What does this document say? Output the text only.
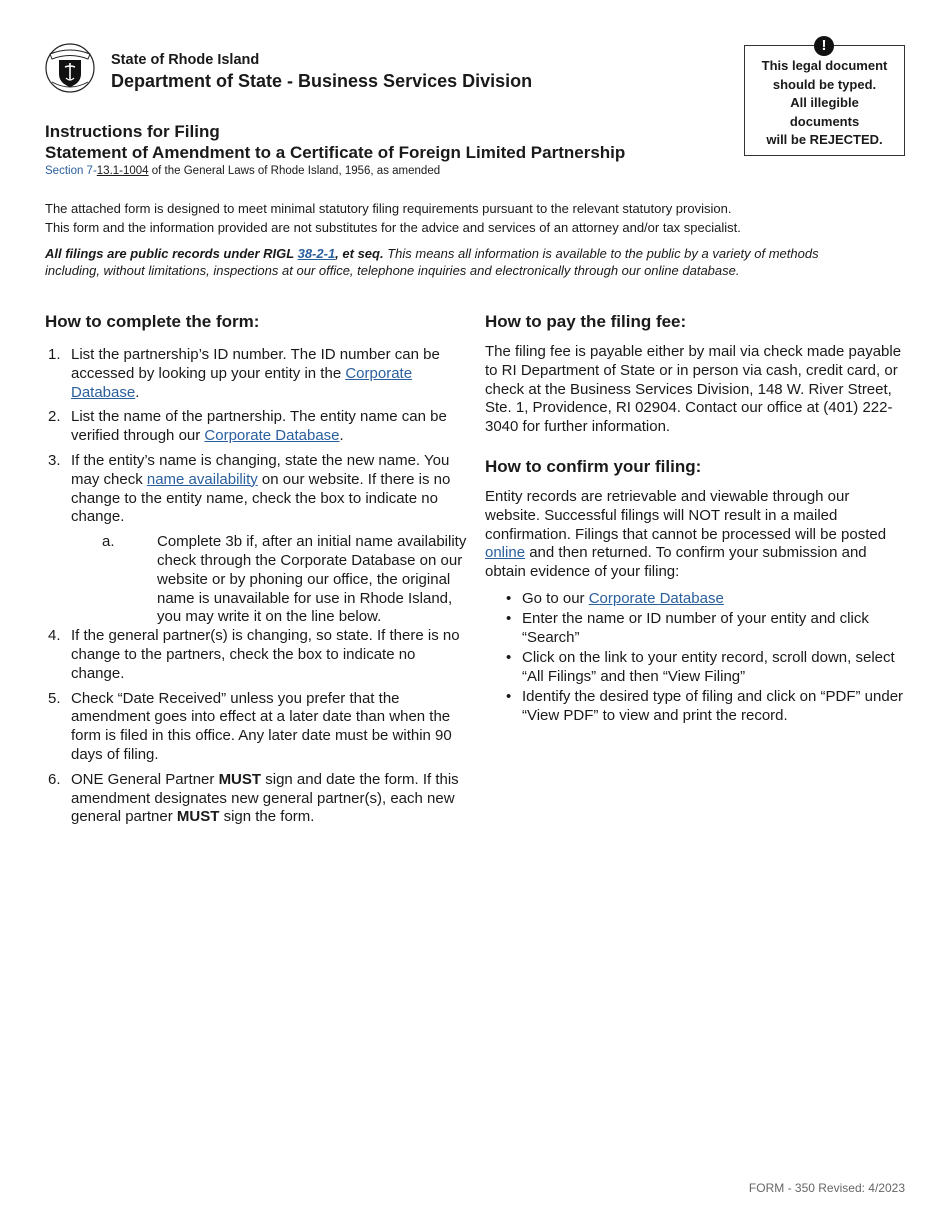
State of Rhode Island
Department of State - Business Services Division
!
This legal document
should be typed.
All illegible
documents
will be REJECTED.
Instructions for Filing
Statement of Amendment to a Certificate of Foreign Limited Partnership
Section 7-13.1-1004 of the General Laws of Rhode Island, 1956, as amended
The attached form is designed to meet minimal statutory filing requirements pursuant to the relevant statutory provision.
This form and the information provided are not substitutes for the advice and services of an attorney and/or tax specialist.
All filings are public records under RIGL 38-2-1, et seq. This means all information is available to the public by a variety of methods including, without limitations, inspections at our office, telephone inquiries and electronically through our online database.
How to complete the form:
1. List the partnership’s ID number. The ID number can be accessed by looking up your entity in the Corporate Database.
2. List the name of the partnership. The entity name can be verified through our Corporate Database.
3. If the entity’s name is changing, state the new name. You may check name availability on our website. If there is no change to the entity name, check the box to indicate no change.
a.	Complete 3b if, after an initial name availability check through the Corporate Database on our website or by phoning our office, the original name is unavailable for use in Rhode Island, you may write it on the line below.
4. If the general partner(s) is changing, so state. If there is no change to the partners, check the box to indicate no change.
5. Check “Date Received” unless you prefer that the amendment goes into effect at a later date than when the form is filed in this office. Any later date must be within 90 days of filing.
6. ONE General Partner MUST sign and date the form. If this amendment designates new general partner(s), each new general partner MUST sign the form.
How to pay the filing fee:

The filing fee is payable either by mail via check made payable to RI Department of State or in person via cash, credit card, or check at the Business Services Division, 148 W. River Street, Ste. 1, Providence, RI 02904. Contact our office at (401) 222-3040 for further information.

How to confirm your filing:

Entity records are retrievable and viewable through our website. Successful filings will NOT result in a mailed confirmation. Filings that cannot be processed will be posted online and then returned. To confirm your submission and obtain evidence of your filing:

• Go to our Corporate Database
• Enter the name or ID number of your entity and click “Search”
• Click on the link to your entity record, scroll down, select “All Filings” and then “View Filing”
• Identify the desired type of filing and click on “PDF” under “View PDF” to view and print the record.
FORM - 350 Revised: 4/2023
